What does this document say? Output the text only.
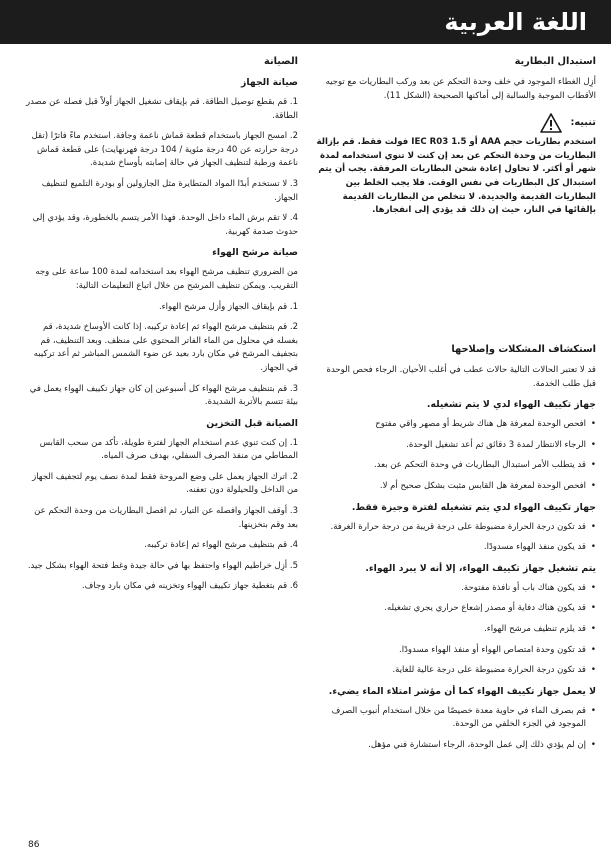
اللغة العربية
استبدال البطارية

أزِل الغطاء الموجود في خلف وحدة التحكم عن بعد وركب البطاريات مع توجيه الأقطاب الموجبة والسالبة إلى أماكنها الصحيحة (الشكل 11).

تنبيه:

استخدم بطاريات حجم AAA أو IEC R03 1.5 فولت فقط. قم بإزالة البطاريات من وحدة التحكم عن بعد إن كنت لا تنوي استخدامه لمدة شهر أو أكثر. لا تحاول إعادة شحن البطاريات المرفقة. يجب أن يتم استبدال كل البطاريات في نفس الوقت. فلا يجب الخلط بين البطاريات القديمة والجديدة. لا تتخلص من البطاريات القديمة بإلقائها في النار، حيث إن ذلك قد يؤدي إلى انفجارها.

استكشاف المشكلات وإصلاحها

قد لا تعتبر الحالات التالية حالات عطب في أغلب الأحيان. الرجاء فحص الوحدة قبل طلب الخدمة.

جهاز تكييف الهواء لدي لا يتم تشغيله.
• افحص الوحدة لمعرفة هل هناك شريط أو مصهر واقي مفتوح
• الرجاء الانتظار لمدة 3 دقائق ثم أعد تشغيل الوحدة.
• قد يتطلب الأمر استبدال البطاريات في وحدة التحكم عن بعد.
• افحص الوحدة لمعرفة هل القابس مثبت بشكل صحيح أم لا.
جهاز تكييف الهواء لدي يتم تشغيله لفترة وجيزة فقط.
• قد تكون درجة الحرارة مضبوطة على درجة قريبة من درجة حرارة الغرفة.
• قد يكون منفذ الهواء مسدودًا.
يتم تشغيل جهاز تكييف الهواء، إلا أنه لا يبرد الهواء.
• قد يكون هناك باب أو نافذة مفتوحة.
• قد يكون هناك دفاية أو مصدر إشعاع حراري يجري تشغيله.
• قد يلزم تنظيف مرشح الهواء.
• قد تكون وحدة امتصاص الهواء أو منفذ الهواء مسدودًا.
• قد تكون درجة الحرارة مضبوطة على درجة عالية للغاية.
لا يعمل جهاز تكييف الهواء كما أن مؤشر امتلاء الماء يضيء.
• قم بصرف الماء في حاوية معدة خصيصًا من خلال استخدام أنبوب الصرف الموجود في الجزء الخلفي من الوحدة.
• إن لم يؤدي ذلك إلى عمل الوحدة، الرجاء استشارة فني مؤهل.
الصيانة
صيانة الجهاز

1. قم بقطع توصيل الطاقة. قم بإيقاف تشغيل الجهاز أولاً قبل فصله عن مصدر الطاقة.

2. امسح الجهاز باستخدام قطعة قماش ناعمة وجافة. استخدم ماءً فاترًا (تقل درجة حرارته عن 40 درجة مئوية / 104 درجة فهرنهايت) على قطعة قماش ناعمة ورطبة لتنظيف الجهاز في حالة إصابته بأوساخ شديدة.

3. لا تستخدم أبدًا المواد المتطايرة مثل الجازولين أو بودرة التلميع لتنظيف الجهاز.

4. لا تقم برش الماء داخل الوحدة. فهذا الأمر يتسم بالخطورة، وقد يؤدي إلى حدوث صدمة كهربية.

صيانة مرشح الهواء

من الضروري تنظيف مرشح الهواء بعد استخدامه لمدة 100 ساعة على وجه التقريب. ويمكن تنظيف المرشح من خلال اتباع التعليمات التالية:

1. قم بإيقاف الجهاز وأزل مرشح الهواء.

2. قم بتنظيف مرشح الهواء ثم إعادة تركيبه. إذا كانت الأوساخ شديدة، قم بغسله في محلول من الماء الفاتر المحتوي على منظف. وبعد التنظيف، قم بتجفيف المرشح في مكان بارد بعيد عن ضوء الشمس المباشر ثم أعد تركيبه في الجهاز.

3. قم بتنظيف مرشح الهواء كل أسبوعين إن كان جهاز تكييف الهواء يعمل في بيئة تتسم بالأتربة الشديدة.

الصيانة قبل التخزين

1. إن كنت تنوي عدم استخدام الجهاز لفترة طويلة، تأكد من سحب القابس المطاطي من منفذ الصرف السفلي، بهدف صرف المياه.

2. اترك الجهاز يعمل على وضع المروحة فقط لمدة نصف يوم لتجفيف الجهاز من الداخل وللحيلولة دون تعفنه.

3. أوقف الجهاز وافصله عن التيار، ثم افصل البطاريات من وحدة التحكم عن بعد وقم بتخزينها.

4. قم بتنظيف مرشح الهواء ثم إعادة تركيبه.

5. أزِل خراطيم الهواء واحتفظ بها في حالة جيدة وغط فتحة الهواء بشكل جيد.

6. قم بتغطية جهاز تكييف الهواء وتخزينه في مكان بارد وجاف.

86
